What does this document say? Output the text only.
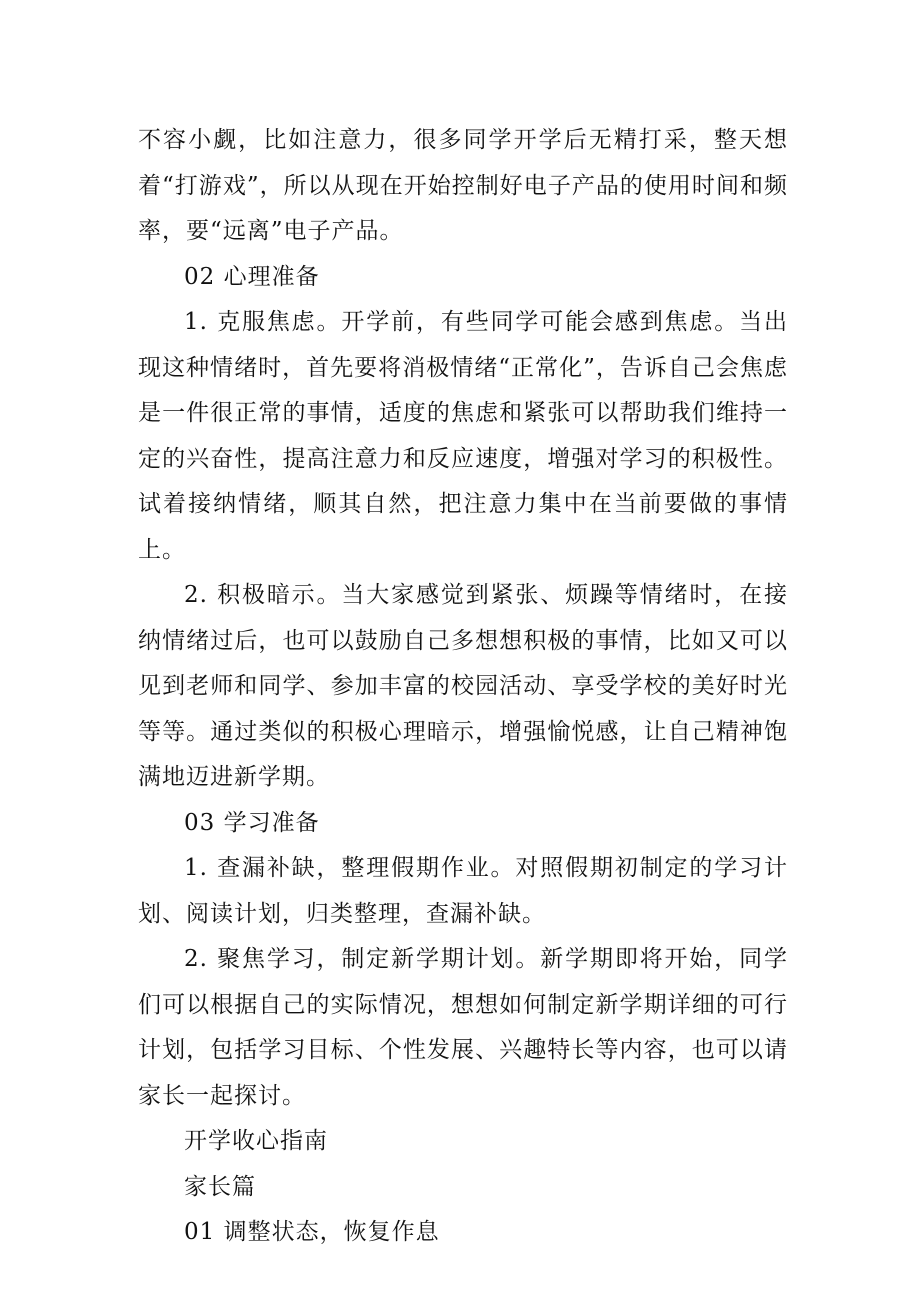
不容小觑，比如注意力，很多同学开学后无精打采，整天想着“打游戏”，所以从现在开始控制好电子产品的使用时间和频率，要“远离”电子产品。

02 心理准备

1. 克服焦虑。开学前，有些同学可能会感到焦虑。当出现这种情绪时，首先要将消极情绪“正常化”，告诉自己会焦虑是一件很正常的事情，适度的焦虑和紧张可以帮助我们维持一定的兴奋性，提高注意力和反应速度，增强对学习的积极性。试着接纳情绪，顺其自然，把注意力集中在当前要做的事情上。

2. 积极暗示。当大家感觉到紧张、烦躁等情绪时，在接纳情绪过后，也可以鼓励自己多想想积极的事情，比如又可以见到老师和同学、参加丰富的校园活动、享受学校的美好时光等等。通过类似的积极心理暗示，增强愉悦感，让自己精神饱满地迈进新学期。

03 学习准备

1. 查漏补缺，整理假期作业。对照假期初制定的学习计划、阅读计划，归类整理，查漏补缺。

2. 聚焦学习，制定新学期计划。新学期即将开始，同学们可以根据自己的实际情况，想想如何制定新学期详细的可行计划，包括学习目标、个性发展、兴趣特长等内容，也可以请家长一起探讨。

开学收心指南

家长篇

01 调整状态，恢复作息
